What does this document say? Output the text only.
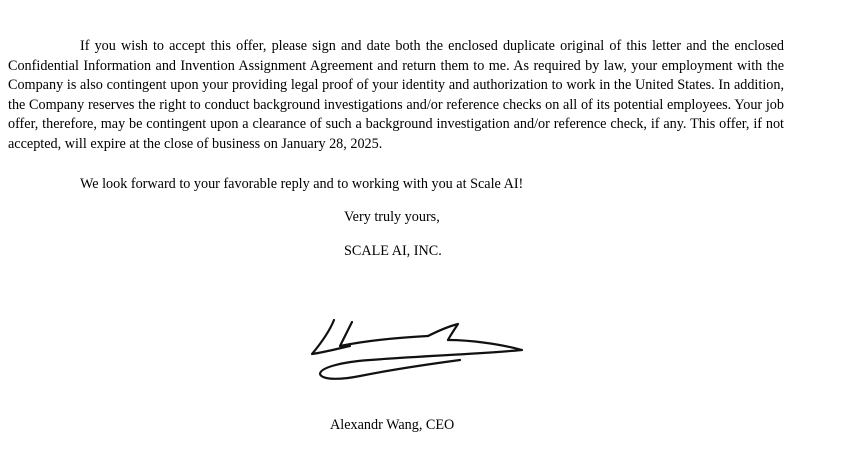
If you wish to accept this offer, please sign and date both the enclosed duplicate original of this letter and the enclosed Confidential Information and Invention Assignment Agreement and return them to me. As required by law, your employment with the Company is also contingent upon your providing legal proof of your identity and authorization to work in the United States. In addition, the Company reserves the right to conduct background investigations and/or reference checks on all of its potential employees. Your job offer, therefore, may be contingent upon a clearance of such a background investigation and/or reference check, if any. This offer, if not accepted, will expire at the close of business on January 28, 2025.

We look forward to your favorable reply and to working with you at Scale AI!

Very truly yours,

SCALE AI, INC.

Alexandr Wang, CEO
